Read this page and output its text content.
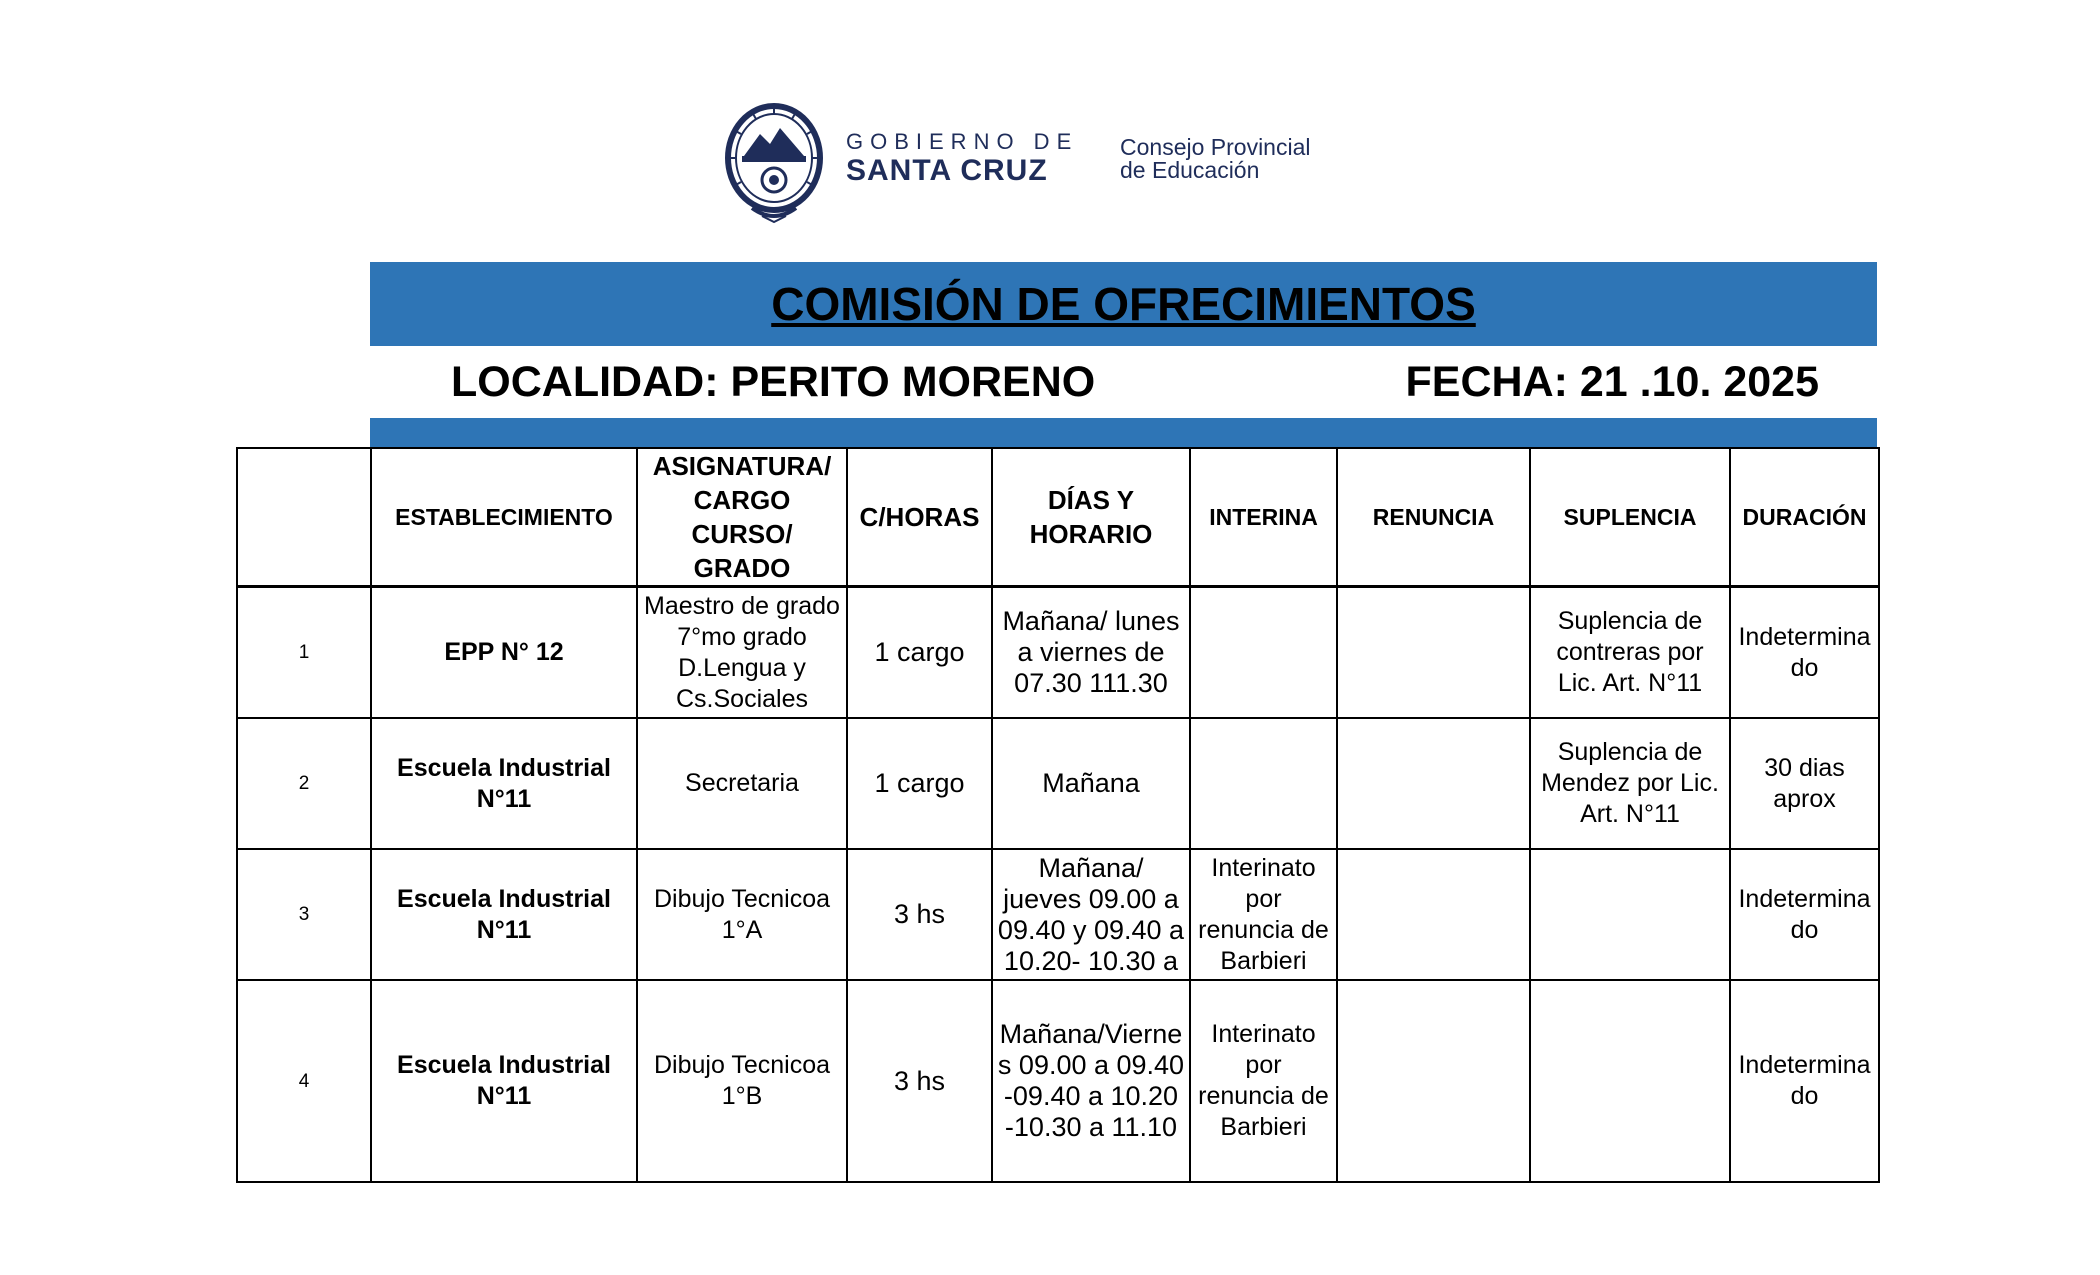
GOBIERNO DE
SANTA CRUZ
Consejo Provincial
de Educación
COMISIÓN DE OFRECIMIENTOS
LOCALIDAD: PERITO MORENO	FECHA: 21 .10. 2025
	ESTABLECIMIENTO	ASIGNATURA/ CARGO CURSO/ GRADO	C/HORAS	DÍAS Y HORARIO	INTERINA	RENUNCIA	SUPLENCIA	DURACIÓN
1	EPP N° 12	Maestro de grado 7°mo grado D.Lengua y Cs.Sociales	1 cargo	Mañana/ lunes a viernes de 07.30 111.30			Suplencia de contreras por Lic. Art. N°11	Indetermina do
2	Escuela Industrial N°11	Secretaria	1 cargo	Mañana			Suplencia de Mendez por Lic. Art. N°11	30 dias aprox
3	Escuela Industrial N°11	Dibujo Tecnicoa 1°A	3 hs	Mañana/ jueves 09.00 a 09.40 y 09.40 a 10.20- 10.30 a	Interinato por renuncia de Barbieri			Indetermina do
4	Escuela Industrial N°11	Dibujo Tecnicoa 1°B	3 hs	Mañana/Vierne s 09.00 a 09.40 -09.40 a 10.20 -10.30 a 11.10	Interinato por renuncia de Barbieri			Indetermina do
